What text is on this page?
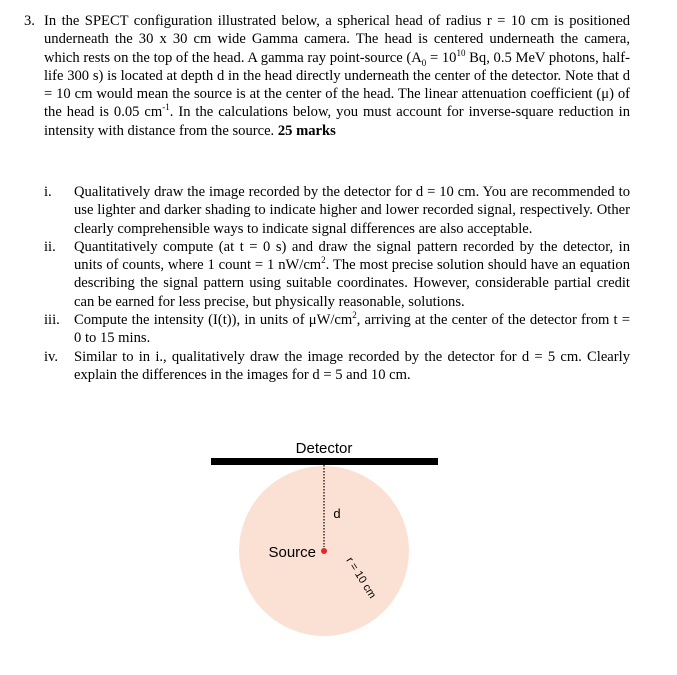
3. In the SPECT configuration illustrated below, a spherical head of radius r = 10 cm is positioned underneath the 30 x 30 cm wide Gamma camera. The head is centered underneath the camera, which rests on the top of the head. A gamma ray point-source ($A_0 = 10^{10}$ Bq, 0.5 MeV photons, half-life 300 s) is located at depth d in the head directly underneath the center of the detector. Note that d = 10 cm would mean the source is at the center of the head. The linear attenuation coefficient (μ) of the head is 0.05 $cm^{-1}$. In the calculations below, you must account for inverse-square reduction in intensity with distance from the source. 25 marks
i.	Qualitatively draw the image recorded by the detector for d = 10 cm. You are recommended to use lighter and darker shading to indicate higher and lower recorded signal, respectively. Other clearly comprehensible ways to indicate signal differences are also acceptable.
ii.	Quantitatively compute (at t = 0 s) and draw the signal pattern recorded by the detector, in units of counts, where 1 count = 1 $nW/cm^2$. The most precise solution should have an equation describing the signal pattern using suitable coordinates. However, considerable partial credit can be earned for less precise, but physically reasonable, solutions.
iii. Compute the intensity (I(t)), in units of $\mu W/cm^2$, arriving at the center of the detector from t = 0 to 15 mins.
iv.	Similar to in i., qualitatively draw the image recorded by the detector for d = 5 cm. Clearly explain the differences in the images for d = 5 and 10 cm.
Detector
d
Source
r = 10 cm
